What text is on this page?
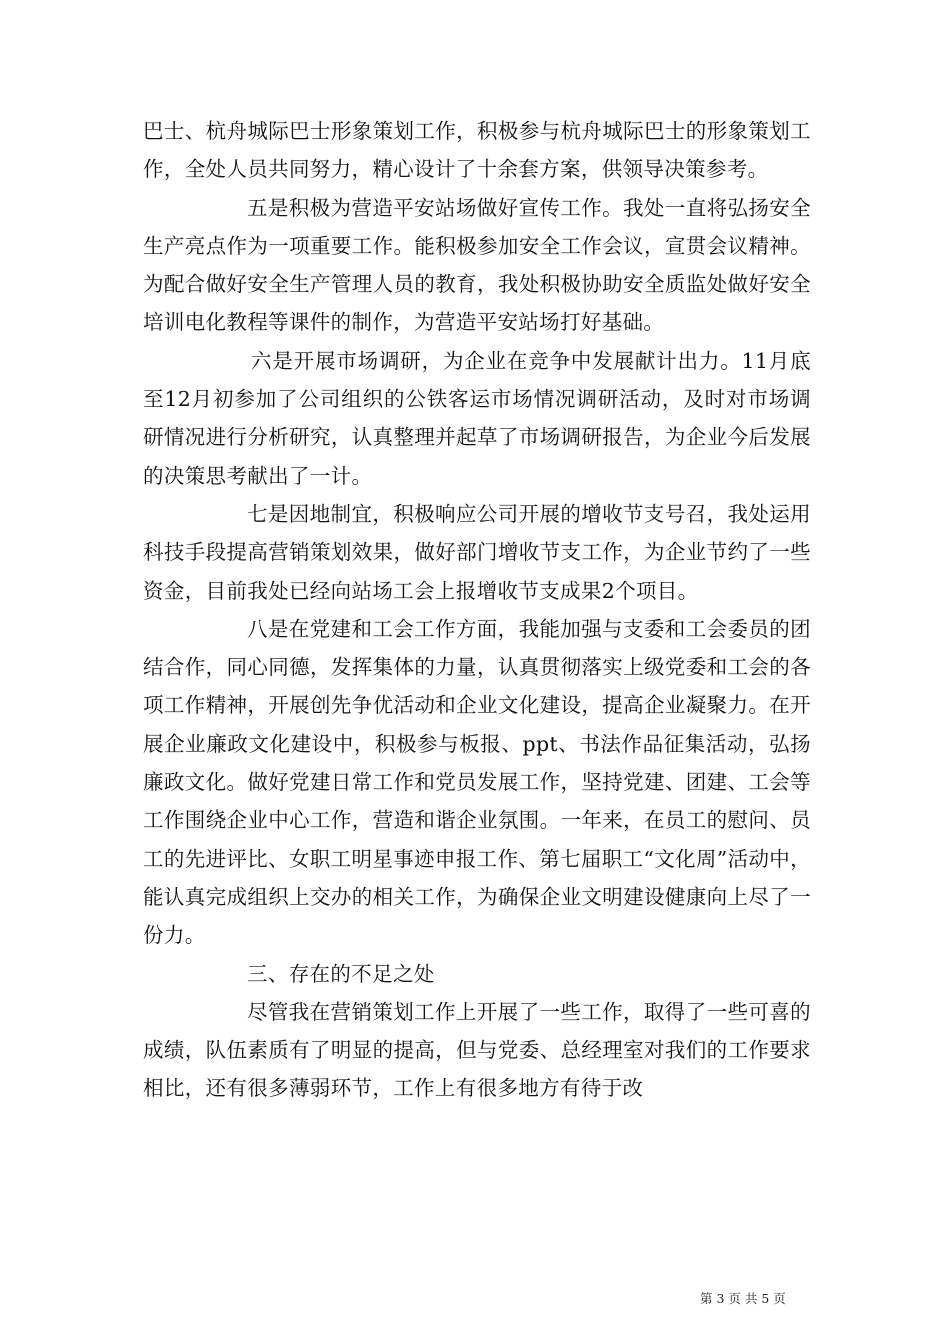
巴士、杭舟城际巴士形象策划工作，积极参与杭舟城际巴士的形象策划工作，全处人员共同努力，精心设计了十余套方案，供领导决策参考。

五是积极为营造平安站场做好宣传工作。我处一直将弘扬安全生产亮点作为一项重要工作。能积极参加安全工作会议，宣贯会议精神。为配合做好安全生产管理人员的教育，我处积极协助安全质监处做好安全培训电化教程等课件的制作，为营造平安站场打好基础。

六是开展市场调研，为企业在竞争中发展献计出力。11月底至12月初参加了公司组织的公铁客运市场情况调研活动，及时对市场调研情况进行分析研究，认真整理并起草了市场调研报告，为企业今后发展的决策思考献出了一计。

七是因地制宜，积极响应公司开展的增收节支号召，我处运用科技手段提高营销策划效果，做好部门增收节支工作，为企业节约了一些资金，目前我处已经向站场工会上报增收节支成果2个项目。

八是在党建和工会工作方面，我能加强与支委和工会委员的团结合作，同心同德，发挥集体的力量，认真贯彻落实上级党委和工会的各项工作精神，开展创先争优活动和企业文化建设，提高企业凝聚力。在开展企业廉政文化建设中，积极参与板报、ppt、书法作品征集活动，弘扬廉政文化。做好党建日常工作和党员发展工作，坚持党建、团建、工会等工作围绕企业中心工作，营造和谐企业氛围。一年来，在员工的慰问、员工的先进评比、女职工明星事迹申报工作、第七届职工“文化周”活动中，能认真完成组织上交办的相关工作，为确保企业文明建设健康向上尽了一份力。

三、存在的不足之处

尽管我在营销策划工作上开展了一些工作，取得了一些可喜的成绩，队伍素质有了明显的提高，但与党委、总经理室对我们的工作要求相比，还有很多薄弱环节，工作上有很多地方有待于改

第 3 页 共 5 页
